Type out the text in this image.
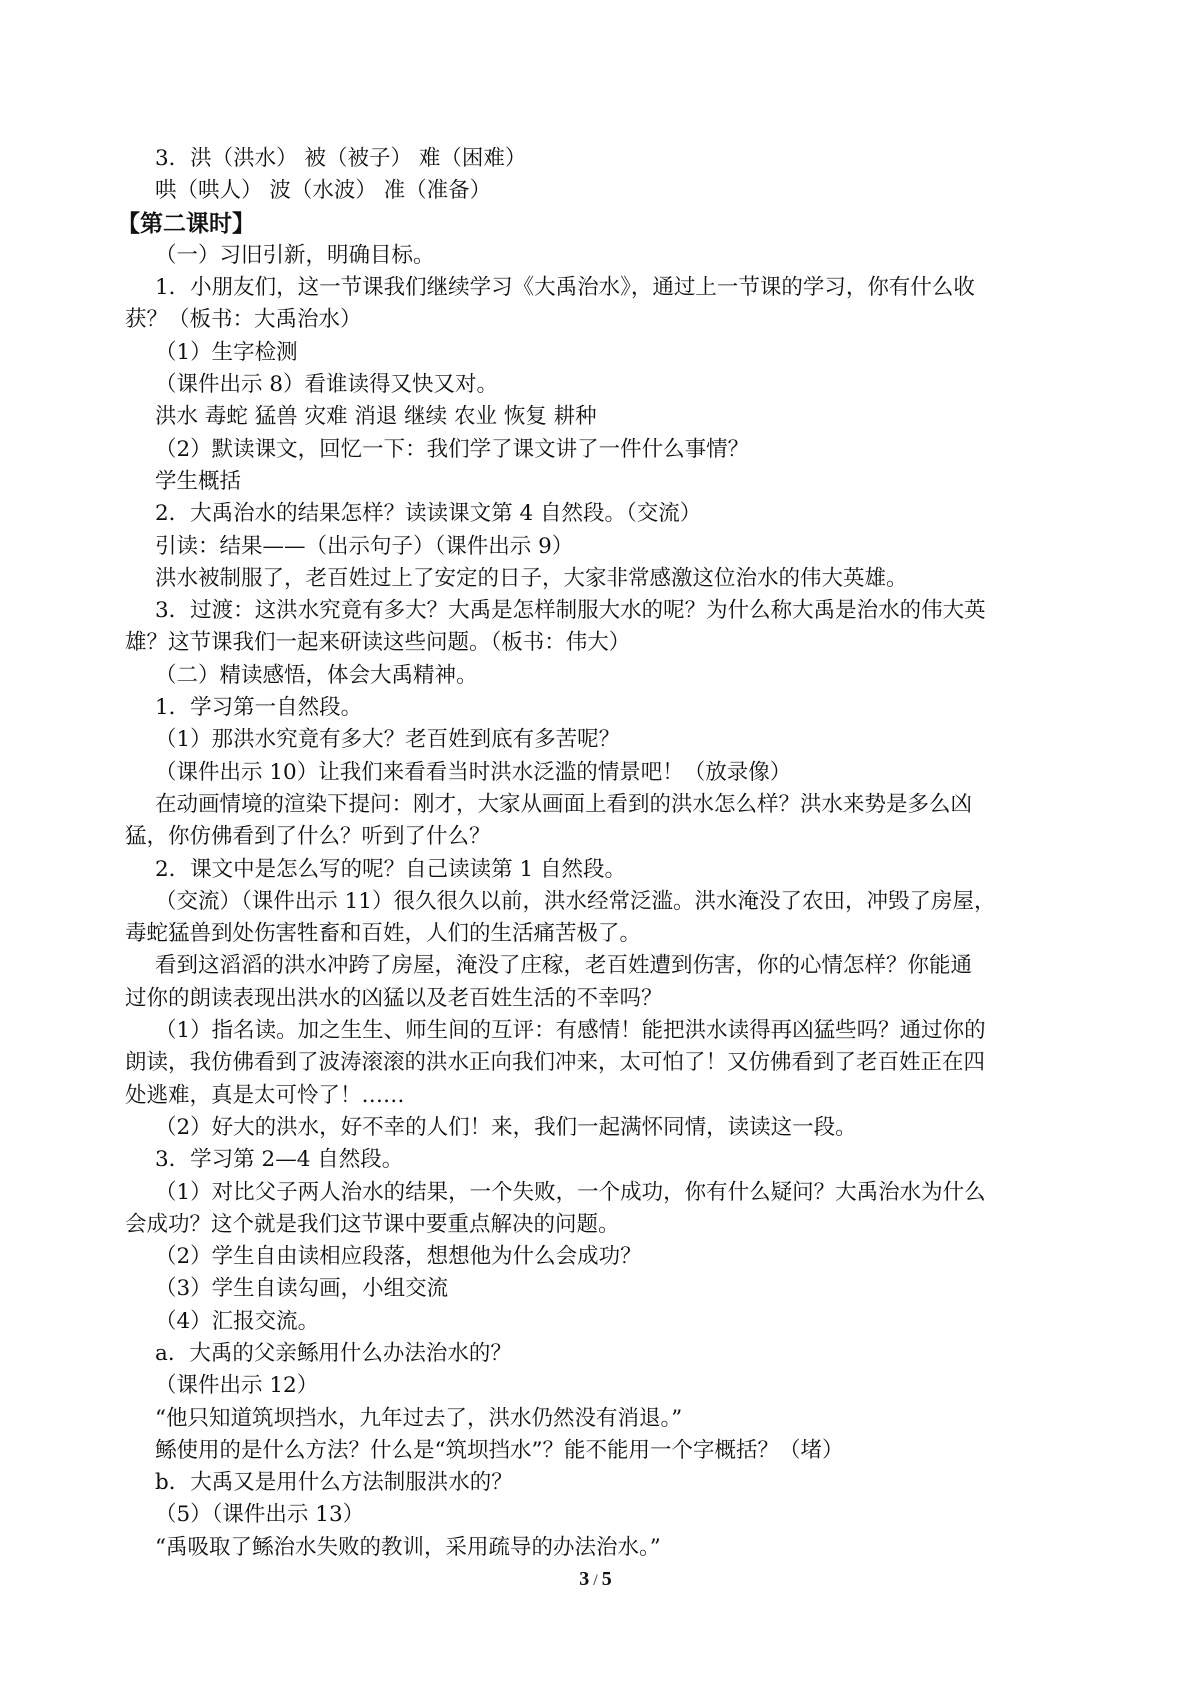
3．洪（洪水） 被（被子） 难（困难）
哄（哄人） 波（水波） 准（准备）
【第二课时】
（一）习旧引新，明确目标。
1．小朋友们，这一节课我们继续学习《大禹治水》，通过上一节课的学习，你有什么收
获？（板书：大禹治水）
（1）生字检测
（课件出示 8）看谁读得又快又对。
洪水 毒蛇 猛兽 灾难 消退 继续 农业 恢复 耕种
（2）默读课文，回忆一下：我们学了课文讲了一件什么事情？
学生概括
2．大禹治水的结果怎样？读读课文第 4 自然段。（交流）
引读：结果——（出示句子）（课件出示 9）
洪水被制服了，老百姓过上了安定的日子，大家非常感激这位治水的伟大英雄。
3．过渡：这洪水究竟有多大？大禹是怎样制服大水的呢？为什么称大禹是治水的伟大英
雄？这节课我们一起来研读这些问题。（板书：伟大）
（二）精读感悟，体会大禹精神。
1．学习第一自然段。
（1）那洪水究竟有多大？老百姓到底有多苦呢？
（课件出示 10）让我们来看看当时洪水泛滥的情景吧！（放录像）
在动画情境的渲染下提问：刚才，大家从画面上看到的洪水怎么样？洪水来势是多么凶
猛，你仿佛看到了什么？听到了什么？
2．课文中是怎么写的呢？自己读读第 1 自然段。
（交流）（课件出示 11）很久很久以前，洪水经常泛滥。洪水淹没了农田，冲毁了房屋，
毒蛇猛兽到处伤害牲畜和百姓，人们的生活痛苦极了。
看到这滔滔的洪水冲跨了房屋，淹没了庄稼，老百姓遭到伤害，你的心情怎样？你能通
过你的朗读表现出洪水的凶猛以及老百姓生活的不幸吗？
（1）指名读。加之生生、师生间的互评：有感情！能把洪水读得再凶猛些吗？通过你的
朗读，我仿佛看到了波涛滚滚的洪水正向我们冲来，太可怕了！又仿佛看到了老百姓正在四
处逃难，真是太可怜了！……
（2）好大的洪水，好不幸的人们！来，我们一起满怀同情，读读这一段。
3．学习第 2—4 自然段。
（1）对比父子两人治水的结果，一个失败，一个成功，你有什么疑问？大禹治水为什么
会成功？这个就是我们这节课中要重点解决的问题。
（2）学生自由读相应段落，想想他为什么会成功？
（3）学生自读勾画，小组交流
（4）汇报交流。
a．大禹的父亲鲧用什么办法治水的？
（课件出示 12）
“他只知道筑坝挡水，九年过去了，洪水仍然没有消退。”
鲧使用的是什么方法？什么是“筑坝挡水”？能不能用一个字概括？（堵）
b．大禹又是用什么方法制服洪水的？
（5）（课件出示 13）
“禹吸取了鲧治水失败的教训，采用疏导的办法治水。”
3 / 5
